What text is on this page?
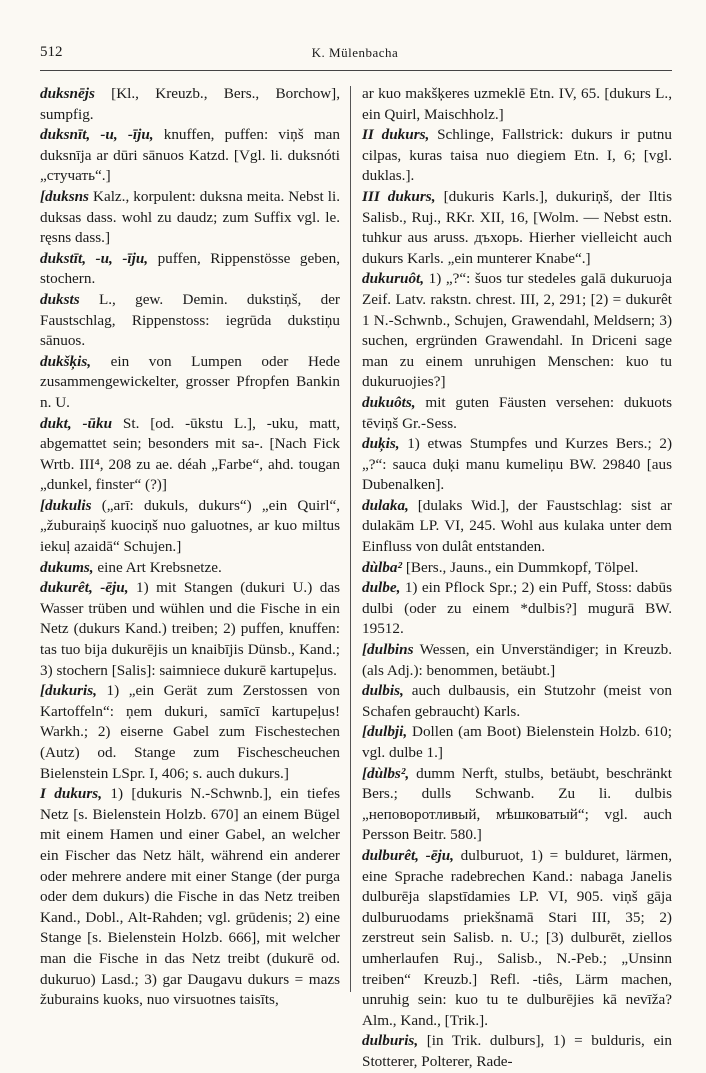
512	K. Mülenbacha

duksnējs [Kl., Kreuzb., Bers., Borchow], sumpfig.

duksnīt, -u, -īju, knuffen, puffen: viņš man duksnīja ar dūri sānuos Katzd. [Vgl. li. duksnóti „стучать“.]

[duksns Kalz., korpulent: duksna meita. Nebst li. duksas dass. wohl zu daudz; zum Suffix vgl. le. ręsns dass.]

dukstīt, -u, -īju, puffen, Rippenstösse geben, stochern.

duksts L., gew. Demin. dukstiņš, der Faustschlag, Rippenstoss: iegrūda dukstiņu sānuos.

dukšķis, ein von Lumpen oder Hede zusammengewickelter, grosser Pfropfen Bankin n. U.

dukt, -ūku St. [od. -ūkstu L.], -uku, matt, abgemattet sein; besonders mit sa-. [Nach Fick Wrtb. III⁴, 208 zu ae. déah „Farbe“, ahd. tougan „dunkel, finster“ (?)]

[dukulis („arī: dukuls, dukurs“) „ein Quirl“, „žuburaiņš kuociņš nuo galuotnes, ar kuo miltus iekuļ azaidā“ Schujen.]

dukums, eine Art Krebsnetze.

dukurêt, -ēju, 1) mit Stangen (dukuri U.) das Wasser trüben und wühlen und die Fische in ein Netz (dukurs Kand.) treiben; 2) puffen, knuffen: tas tuo bija dukurējis un knaibījis Dünsb., Kand.; 3) stochern [Salis]: saimniece dukurē kartupeļus.

[dukuris, 1) „ein Gerät zum Zerstossen von Kartoffeln“: ņem dukuri, samīcī kartupeļus! Warkh.; 2) eiserne Gabel zum Fischestechen (Autz) od. Stange zum Fischescheuchen Bielenstein LSpr. I, 406; s. auch dukurs.]

I dukurs, 1) [dukuris N.-Schwnb.], ein tiefes Netz [s. Bielenstein Holzb. 670] an einem Bügel mit einem Hamen und einer Gabel, an welcher ein Fischer das Netz hält, während ein anderer oder mehrere andere mit einer Stange (der purga oder dem dukurs) die Fische in das Netz treiben Kand., Dobl., Alt-Rahden; vgl. grūdenis; 2) eine Stange [s. Bielenstein Holzb. 666], mit welcher man die Fische in das Netz treibt (dukurē od. dukuruo) Lasd.; 3) gar Daugavu dukurs = mazs žuburains kuoks, nuo virsuotnes taisīts,

ar kuo makšķeres uzmeklē Etn. IV, 65. [dukurs L., ein Quirl, Maischholz.]

II dukurs, Schlinge, Fallstrick: dukurs ir putnu cilpas, kuras taisa nuo diegiem Etn. I, 6; [vgl. duklas.].

III dukurs, [dukuris Karls.], dukuriņš, der Iltis Salisb., Ruj., RKr. XII, 16, [Wolm. — Nebst estn. tuhkur aus aruss. дъхорь. Hierher vielleicht auch dukurs Karls. „ein munterer Knabe“.]

dukuruôt, 1) „?“: šuos tur stedeles galā dukuruoja Zeif. Latv. rakstn. chrest. III, 2, 291; [2) = dukurêt 1 N.-Schwnb., Schujen, Grawendahl, Meldsern; 3) suchen, ergründen Grawendahl. In Driceni sage man zu einem unruhigen Menschen: kuo tu dukuruojies?]

dukuôts, mit guten Fäusten versehen: dukuots tēviņš Gr.-Sess.

duķis, 1) etwas Stumpfes und Kurzes Bers.; 2) „?“: sauca duķi manu kumeliņu BW. 29840 [aus Dubenalken].

dulaka, [dulaks Wid.], der Faustschlag: sist ar dulakām LP. VI, 245. Wohl aus kulaka unter dem Einfluss von dulât entstanden.

dùlba² [Bers., Jauns., ein Dummkopf, Tölpel.

dulbe, 1) ein Pflock Spr.; 2) ein Puff, Stoss: dabūs dulbi (oder zu einem *dulbis?] mugurā BW. 19512.

[dulbins Wessen, ein Unverständiger; in Kreuzb. (als Adj.): benommen, betäubt.]

dulbis, auch dulbausis, ein Stutzohr (meist von Schafen gebraucht) Karls.

[dulbji, Dollen (am Boot) Bielenstein Holzb. 610; vgl. dulbe 1.]

[dùlbs², dumm Nerft, stulbs, betäubt, beschränkt Bers.; dulls Schwanb. Zu li. dulbis „неповоротливый, мѣшковатый“; vgl. auch Persson Beitr. 580.]

dulburêt, -ēju, dulburuot, 1) = bulduret, lärmen, eine Sprache radebrechen Kand.: nabaga Janelis dulburēja slapstīdamies LP. VI, 905. viņš gāja dulburuodams priekšnamā Stari III, 35; 2) zerstreut sein Salisb. n. U.; [3) dulburēt, ziellos umherlaufen Ruj., Salisb., N.-Peb.; „Unsinn treiben“ Kreuzb.] Refl. -tiês, Lärm machen, unruhig sein: kuo tu te dulburējies kā nevīža? Alm., Kand., [Trik.].

dulburis, [in Trik. dulburs], 1) = bulduris, ein Stotterer, Polterer, Rade-
